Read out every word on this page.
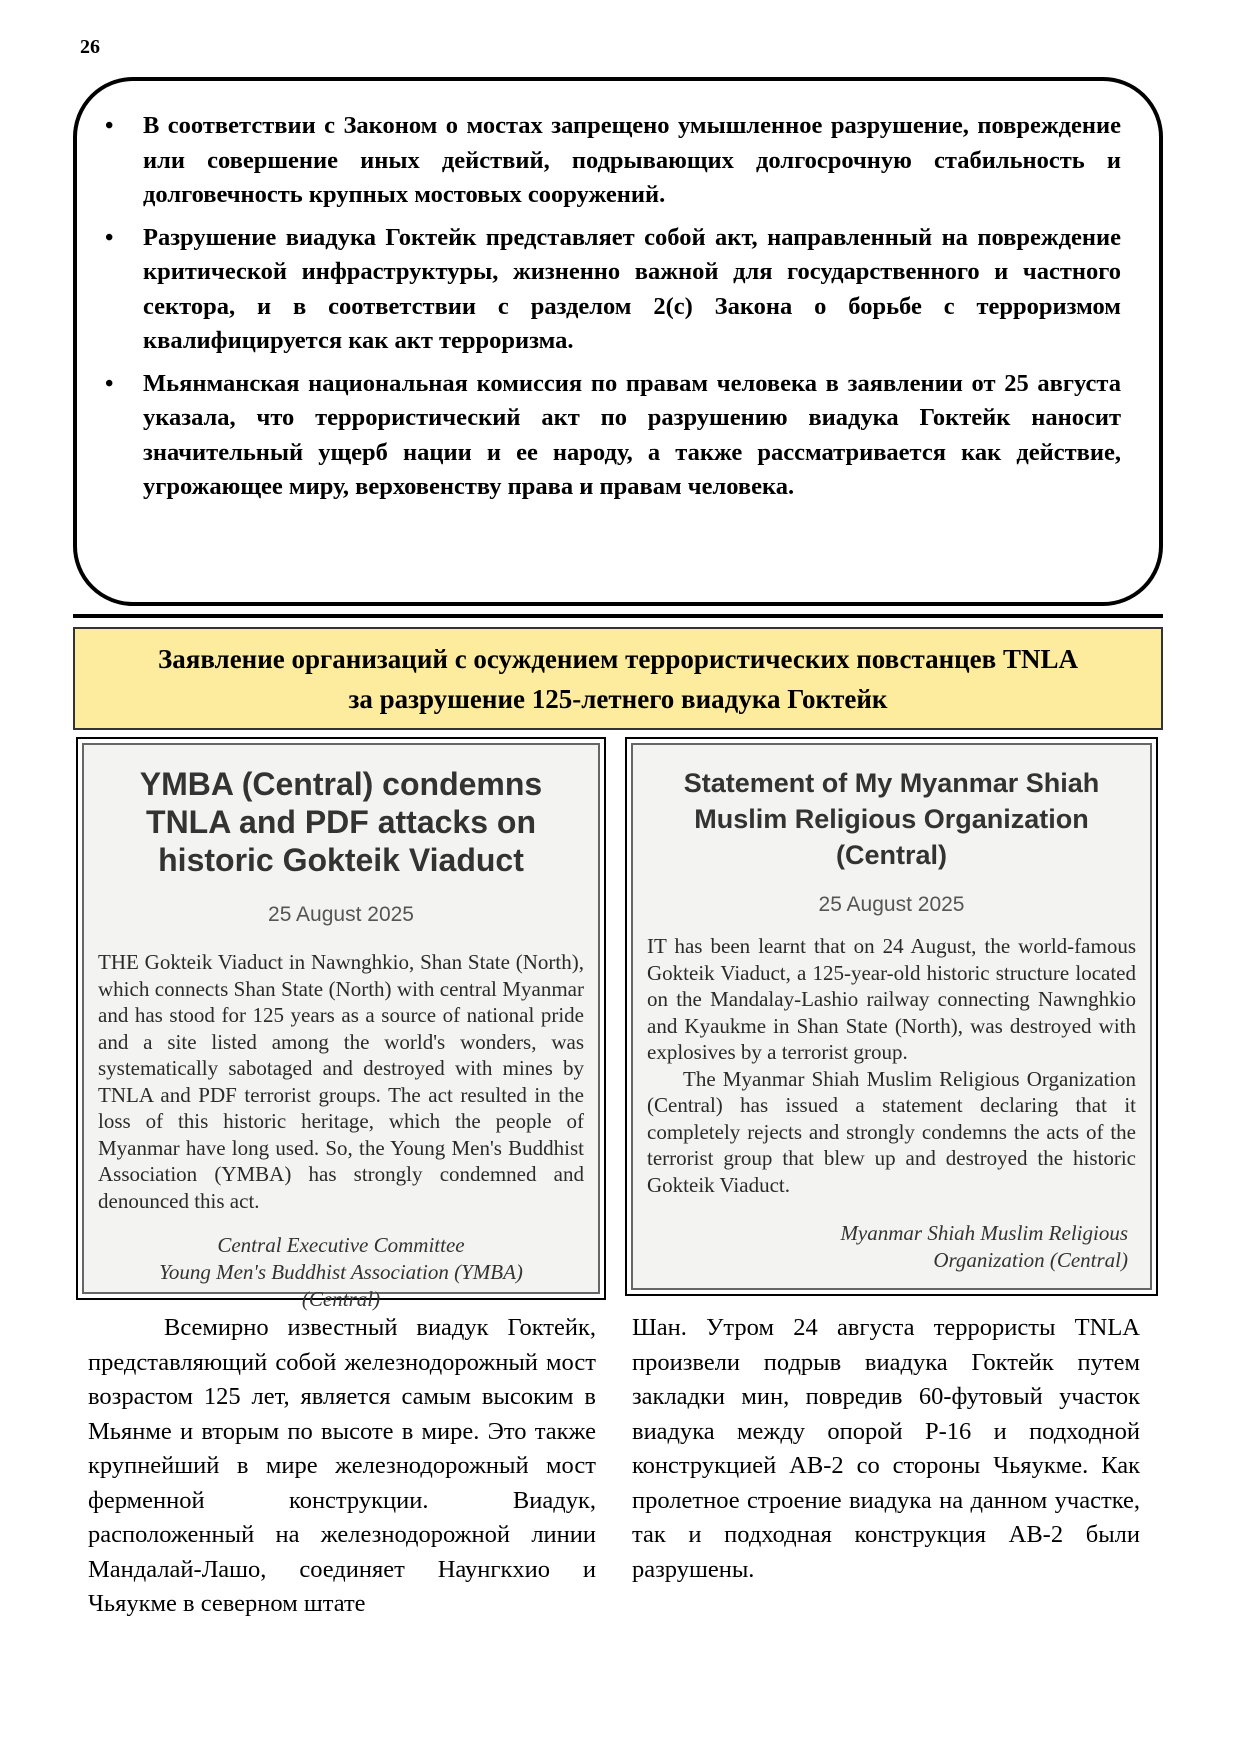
26
• В соответствии с Законом о мостах запрещено умышленное разрушение, повреждение или совершение иных действий, подрывающих долгосрочную стабильность и долговечность крупных мостовых сооружений.
• Разрушение виадука Гоктейк представляет собой акт, направленный на повреждение критической инфраструктуры, жизненно важной для государственного и частного сектора, и в соответствии с разделом 2(с) Закона о борьбе с терроризмом квалифицируется как акт терроризма.
• Мьянманская национальная комиссия по правам человека в заявлении от 25 августа указала, что террористический акт по разрушению виадука Гоктейк наносит значительный ущерб нации и ее народу, а также рассматривается как действие, угрожающее миру, верховенству права и правам человека.
Заявление организаций с осуждением террористических повстанцев TNLA
за разрушение 125-летнего виадука Гоктейк
YMBA (Central) condemns TNLA and PDF attacks on historic Gokteik Viaduct
25 August 2025

THE Gokteik Viaduct in Nawnghkio, Shan State (North), which connects Shan State (North) with central Myanmar and has stood for 125 years as a source of national pride and a site listed among the world's wonders, was systematically sabotaged and destroyed with mines by TNLA and PDF terrorist groups. The act resulted in the loss of this historic heritage, which the people of Myanmar have long used. So, the Young Men's Buddhist Association (YMBA) has strongly condemned and denounced this act.

Central Executive Committee
Young Men's Buddhist Association (YMBA)
(Central)
Statement of My Myanmar Shiah Muslim Religious Organization (Central)
25 August 2025

IT has been learnt that on 24 August, the world-famous Gokteik Viaduct, a 125-year-old historic structure located on the Mandalay-Lashio railway connecting Nawnghkio and Kyaukme in Shan State (North), was destroyed with explosives by a terrorist group.

The Myanmar Shiah Muslim Religious Organization (Central) has issued a statement declaring that it completely rejects and strongly condemns the acts of the terrorist group that blew up and destroyed the historic Gokteik Viaduct.

Myanmar Shiah Muslim Religious
Organization (Central)

Всемирно известный виадук Гоктейк, представляющий собой железнодорожный мост возрастом 125 лет, является самым высоким в Мьянме и вторым по высоте в мире. Это также крупнейший в мире железнодорожный мост ферменной конструкции. Виадук, расположенный на железнодорожной линии Мандалай-Лашо, соединяет Наунгкхио и Чьяукме в северном штате

Шан. Утром 24 августа террористы TNLA произвели подрыв виадука Гоктейк путем закладки мин, повредив 60-футовый участок виадука между опорой P-16 и подходной конструкцией AB-2 со стороны Чьяукме. Как пролетное строение виадука на данном участке, так и подходная конструкция AB-2 были разрушены.
